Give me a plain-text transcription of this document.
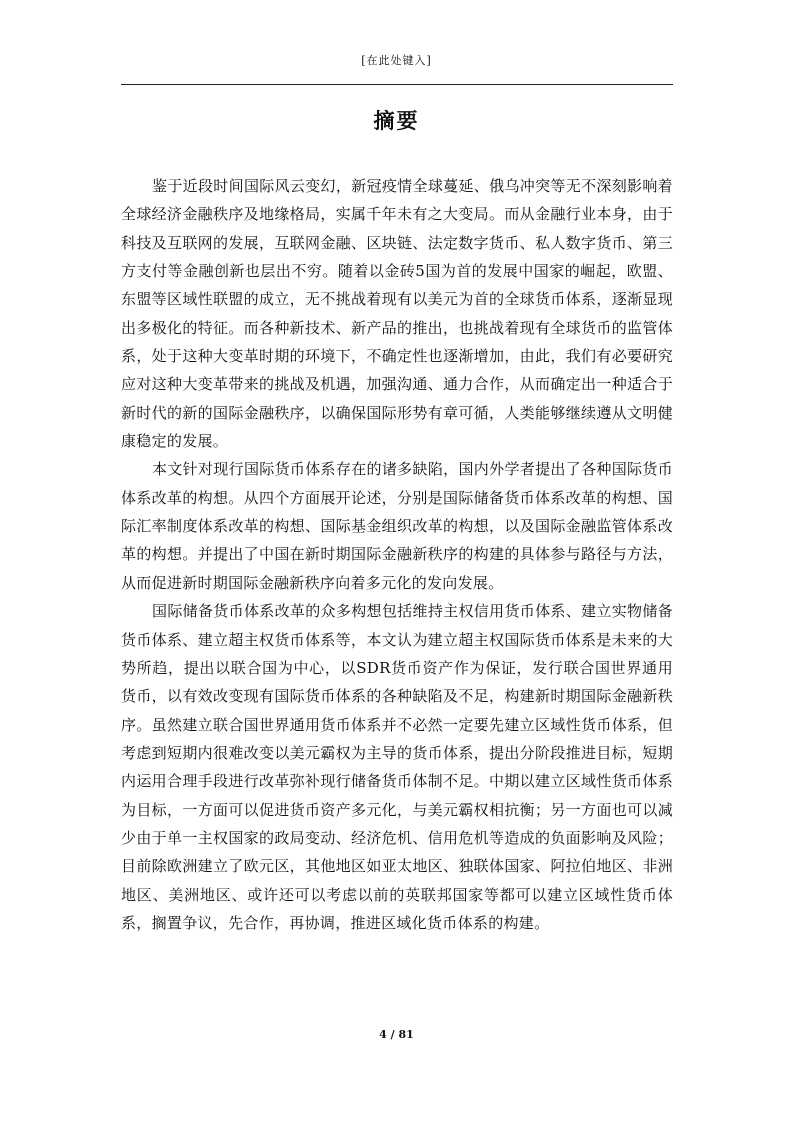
[在此处键入]
摘要

鉴于近段时间国际风云变幻，新冠疫情全球蔓延、俄乌冲突等无不深刻影响着全球经济金融秩序及地缘格局，实属千年未有之大变局。而从金融行业本身，由于科技及互联网的发展，互联网金融、区块链、法定数字货币、私人数字货币、第三方支付等金融创新也层出不穷。随着以金砖5国为首的发展中国家的崛起，欧盟、东盟等区域性联盟的成立，无不挑战着现有以美元为首的全球货币体系，逐渐显现出多极化的特征。而各种新技术、新产品的推出，也挑战着现有全球货币的监管体系，处于这种大变革时期的环境下，不确定性也逐渐增加，由此，我们有必要研究应对这种大变革带来的挑战及机遇，加强沟通、通力合作，从而确定出一种适合于新时代的新的国际金融秩序，以确保国际形势有章可循，人类能够继续遵从文明健康稳定的发展。

本文针对现行国际货币体系存在的诸多缺陷，国内外学者提出了各种国际货币体系改革的构想。从四个方面展开论述，分别是国际储备货币体系改革的构想、国际汇率制度体系改革的构想、国际基金组织改革的构想，以及国际金融监管体系改革的构想。并提出了中国在新时期国际金融新秩序的构建的具体参与路径与方法，从而促进新时期国际金融新秩序向着多元化的发向发展。

国际储备货币体系改革的众多构想包括维持主权信用货币体系、建立实物储备货币体系、建立超主权货币体系等，本文认为建立超主权国际货币体系是未来的大势所趋，提出以联合国为中心，以SDR货币资产作为保证，发行联合国世界通用货币，以有效改变现有国际货币体系的各种缺陷及不足，构建新时期国际金融新秩序。虽然建立联合国世界通用货币体系并不必然一定要先建立区域性货币体系，但考虑到短期内很难改变以美元霸权为主导的货币体系，提出分阶段推进目标，短期内运用合理手段进行改革弥补现行储备货币体制不足。中期以建立区域性货币体系为目标，一方面可以促进货币资产多元化，与美元霸权相抗衡；另一方面也可以减少由于单一主权国家的政局变动、经济危机、信用危机等造成的负面影响及风险；目前除欧洲建立了欧元区，其他地区如亚太地区、独联体国家、阿拉伯地区、非洲地区、美洲地区、或许还可以考虑以前的英联邦国家等都可以建立区域性货币体系，搁置争议，先合作，再协调，推进区域化货币体系的构建。

4 / 81
